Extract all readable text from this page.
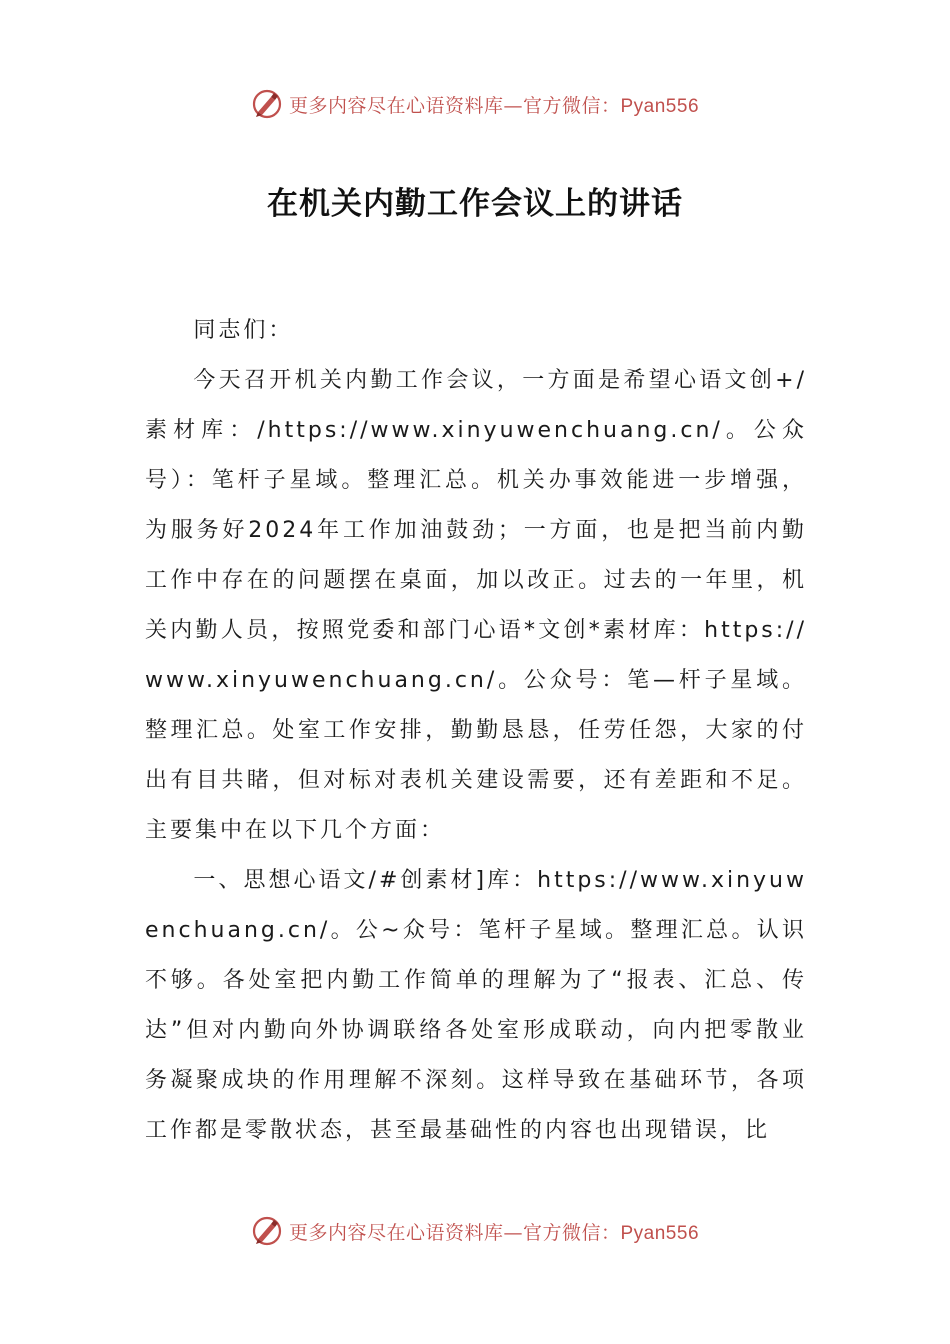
更多内容尽在心语资料库—官方微信：Pyan556
在机关内勤工作会议上的讲话

同志们：

今天召开机关内勤工作会议，一方面是希望心语文创+/素材库：/https://www.xinyuwenchuang.cn/。公众号）：笔杆子星域。整理汇总。机关办事效能进一步增强，为服务好2024年工作加油鼓劲；一方面，也是把当前内勤工作中存在的问题摆在桌面，加以改正。过去的一年里，机关内勤人员，按照党委和部门心语*文创*素材库：https://www.xinyuwenchuang.cn/。公众号：笔—杆子星域。整理汇总。处室工作安排，勤勤恳恳，任劳任怨，大家的付出有目共睹，但对标对表机关建设需要，还有差距和不足。主要集中在以下几个方面：

一、思想心语文/#创素材]库：https://www.xinyuwenchuang.cn/。公~众号：笔杆子星域。整理汇总。认识不够。各处室把内勤工作简单的理解为了“报表、汇总、传达”但对内勤向外协调联络各处室形成联动，向内把零散业务凝聚成块的作用理解不深刻。这样导致在基础环节，各项工作都是零散状态，甚至最基础性的内容也出现错误，比

更多内容尽在心语资料库—官方微信：Pyan556
